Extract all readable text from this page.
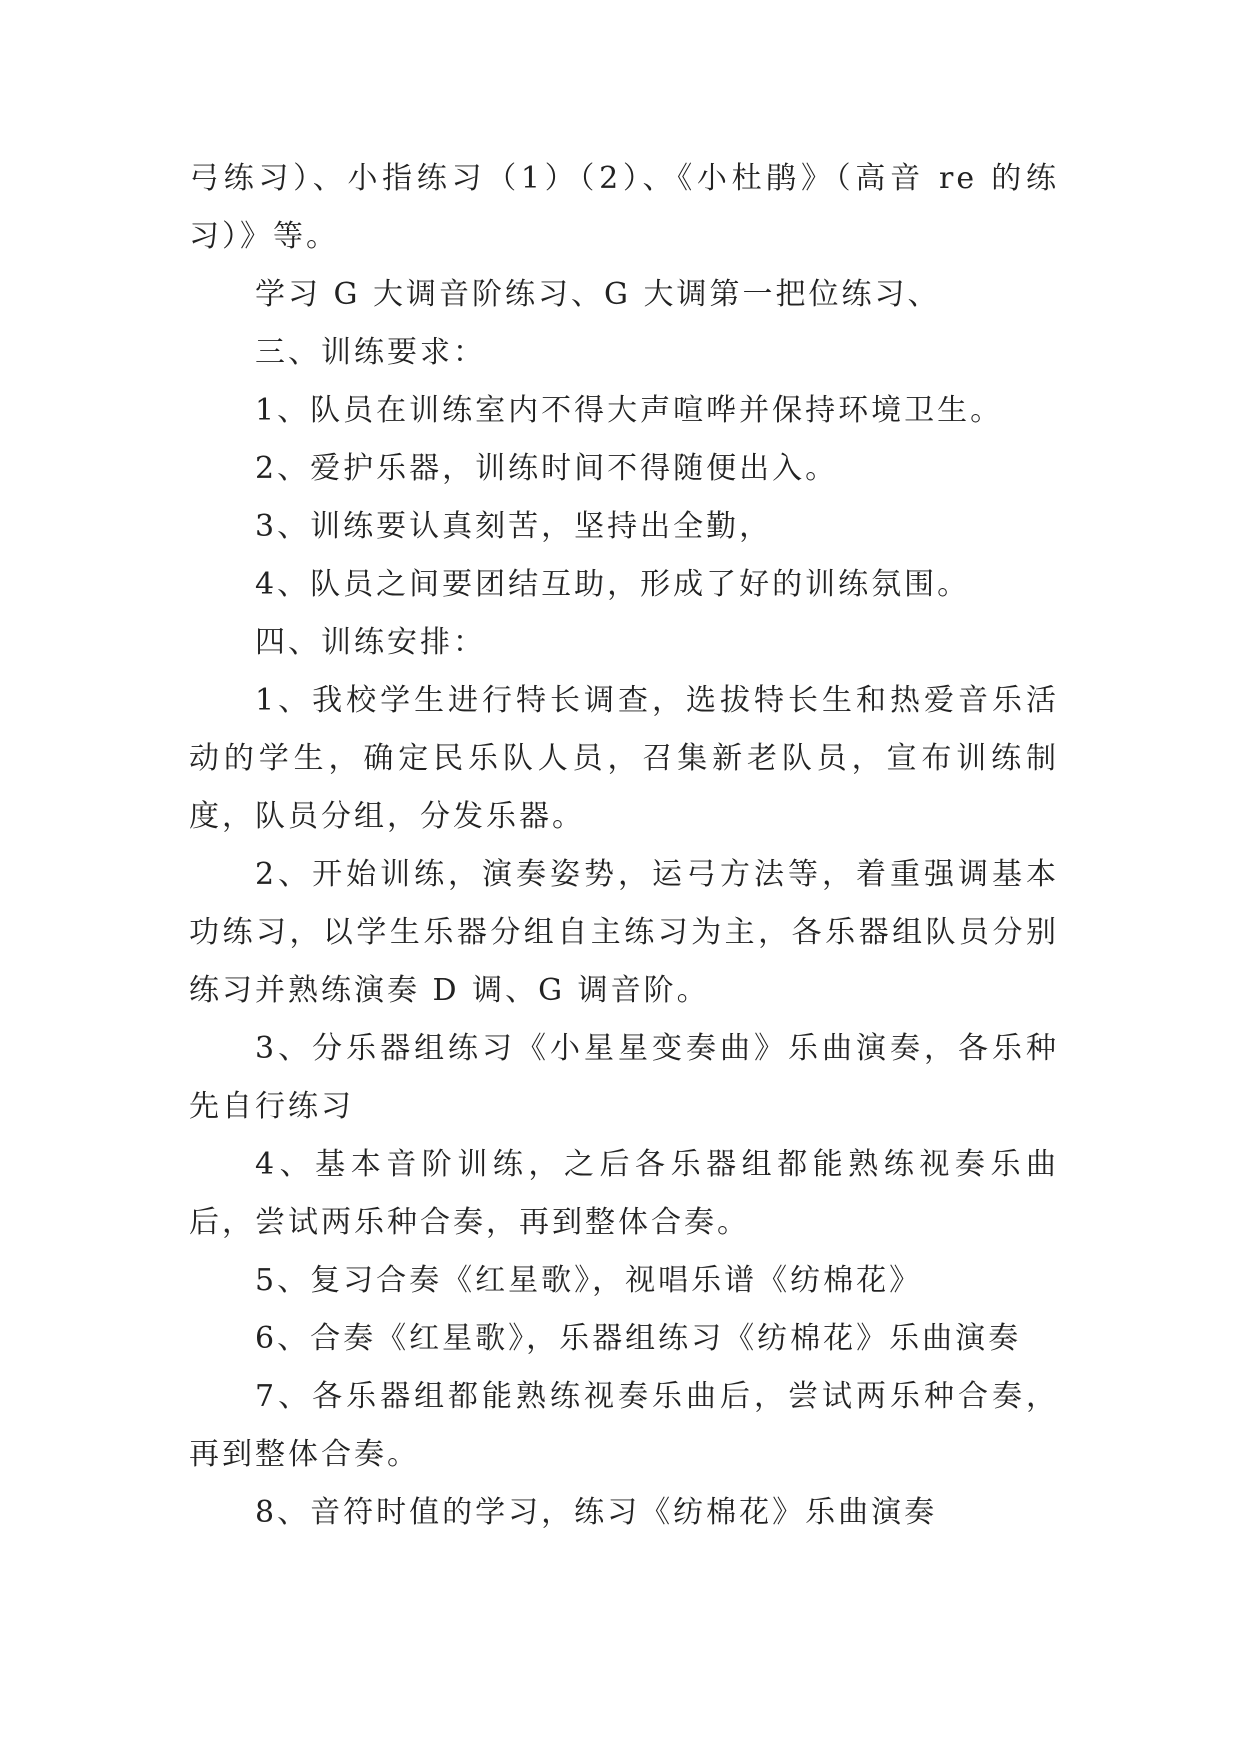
弓练习）、小指练习（1）（2）、《小杜鹃》（高音 re 的练习）》等。

学习 G 大调音阶练习、G 大调第一把位练习、

三、训练要求：

1、队员在训练室内不得大声喧哗并保持环境卫生。

2、爱护乐器，训练时间不得随便出入。

3、训练要认真刻苦，坚持出全勤，

4、队员之间要团结互助，形成了好的训练氛围。

四、训练安排：

1、我校学生进行特长调查，选拔特长生和热爱音乐活动的学生，确定民乐队人员，召集新老队员，宣布训练制度，队员分组，分发乐器。

2、开始训练，演奏姿势，运弓方法等，着重强调基本功练习，以学生乐器分组自主练习为主，各乐器组队员分别练习并熟练演奏 D 调、G 调音阶。

3、分乐器组练习《小星星变奏曲》乐曲演奏，各乐种先自行练习

4、基本音阶训练，之后各乐器组都能熟练视奏乐曲后，尝试两乐种合奏，再到整体合奏。

5、复习合奏《红星歌》，视唱乐谱《纺棉花》

6、合奏《红星歌》，乐器组练习《纺棉花》乐曲演奏

7、各乐器组都能熟练视奏乐曲后，尝试两乐种合奏，再到整体合奏。

8、音符时值的学习，练习《纺棉花》乐曲演奏
